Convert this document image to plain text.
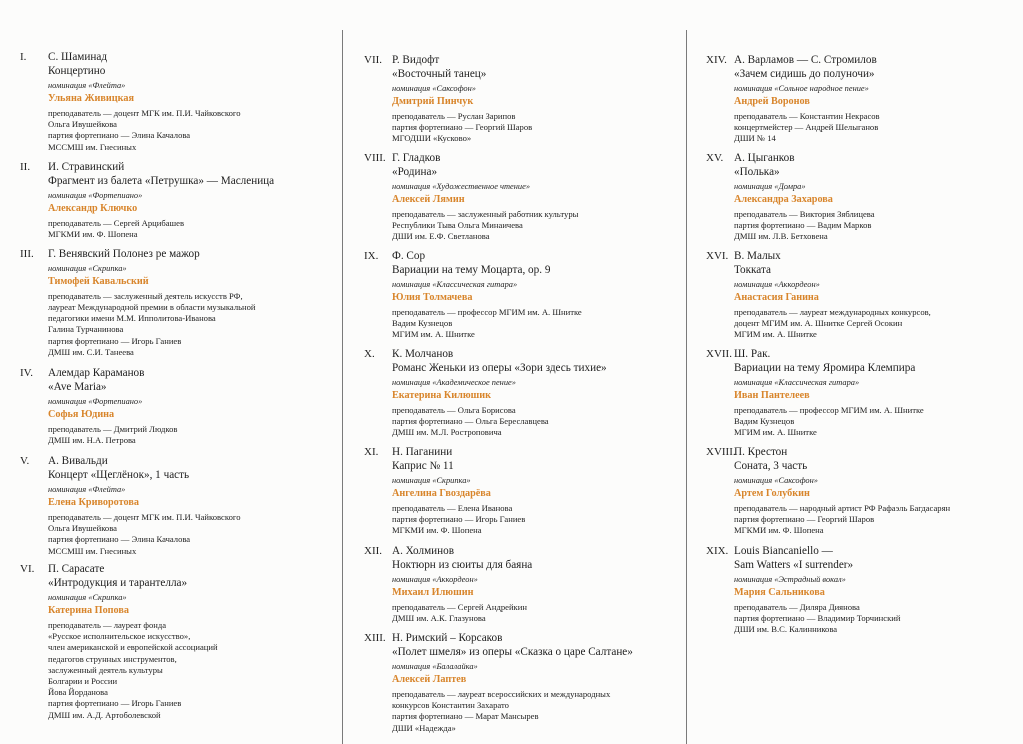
I. С. Шаминад
Концертино
номинация «Флейта»
Ульяна Живицкая
преподаватель — доцент МГК им. П.И. Чайковского
Ольга Ивушейкова
партия фортепиано — Элина Качалова
МССМШ им. Гнесиных
II. И. Стравинский
Фрагмент из балета «Петрушка» — Масленица
номинация «Фортепиано»
Александр Ключко
преподаватель — Сергей Арцибашев
МГКМИ им. Ф. Шопена
III. Г. Венявский Полонез ре мажор
номинация «Скрипка»
Тимофей Кавальский
преподаватель — заслуженный деятель искусств РФ,
лауреат Международной премии в области музыкальной
педагогики имени М.М. Ипполитова-Иванова
Галина Турчанинова
партия фортепиано — Игорь Ганиев
ДМШ им. С.И. Танеева
IV. Алемдар Караманов
«Ave Maria»
номинация «Фортепиано»
Софья Юдина
преподаватель — Дмитрий Людков
ДМШ им. Н.А. Петрова
V. А. Вивальди
Концерт «Щеглёнок», 1 часть
номинация «Флейта»
Елена Криворотова
преподаватель — доцент МГК им. П.И. Чайковского
Ольга Ивушейкова
партия фортепиано — Элина Качалова
МССМШ им. Гнесиных
VI. П. Сарасате
«Интродукция и тарантелла»
номинация «Скрипка»
Катерина Попова
преподаватель — лауреат фонда
«Русское исполнительское искусство»,
член американской и европейской ассоциаций
педагогов струнных инструментов,
заслуженный деятель культуры
Болгарии и России
Йова Йорданова
партия фортепиано — Игорь Ганиев
ДМШ им. А.Д. Артоболевской
VII. Р. Видофт
«Восточный танец»
номинация «Саксофон»
Дмитрий Пинчук
преподаватель — Руслан Зарипов
партия фортепиано — Георгий Шаров
МГОДШИ «Кусково»
VIII. Г. Гладков
«Родина»
номинация «Художественное чтение»
Алексей Лямин
преподаватель — заслуженный работник культуры
Республики Тыва Ольга Минаичева
ДШИ им. Е.Ф. Светланова
IX. Ф. Сор
Вариации на тему Моцарта, ор. 9
номинация «Классическая гитара»
Юлия Толмачева
преподаватель — профессор МГИМ им. А. Шнитке
Вадим Кузнецов
МГИМ им. А. Шнитке
X. К. Молчанов
Романс Женьки из оперы «Зори здесь тихие»
номинация «Академическое пение»
Екатерина Килюшик
преподаватель — Ольга Борисова
партия фортепиано — Ольга Береславцева
ДМШ им. М.Л. Ростроповича
XI. Н. Паганини
Каприс № 11
номинация «Скрипка»
Ангелина Гвоздарёва
преподаватель — Елена Иванова
партия фортепиано — Игорь Ганиев
МГКМИ им. Ф. Шопена
XII. А. Холминов
Ноктюрн из сюиты для баяна
номинация «Аккордеон»
Михаил Илюшин
преподаватель — Сергей Андрейкин
ДМШ им. А.К. Глазунова
XIII. Н. Римский – Корсаков
«Полет шмеля» из оперы «Сказка о царе Салтане»
номинация «Балалайка»
Алексей Лаптев
преподаватель — лауреат всероссийских и международных
конкурсов Константин Захарато
партия фортепиано — Марат Мансырев
ДШИ «Надежда»
XIV. А. Варламов — С. Стромилов
«Зачем сидишь до полуночи»
номинация «Сольное народное пение»
Андрей Воронов
преподаватель — Константин Некрасов
концертмейстер — Андрей Шелыганов
ДШИ № 14
XV. А. Цыганков
«Полька»
номинация «Домра»
Александра Захарова
преподаватель — Виктория Зяблицева
партия фортепиано — Вадим Марков
ДМШ им. Л.В. Бетховена
XVI. В. Малых
Токката
номинация «Аккордеон»
Анастасия Ганина
преподаватель — лауреат международных конкурсов,
доцент МГИМ им. А. Шнитке Сергей Осокин
МГИМ им. А. Шнитке
XVII. Ш. Рак.
Вариации на тему Яромира Клемпира
номинация «Классическая гитара»
Иван Пантелеев
преподаватель — профессор МГИМ им. А. Шнитке
Вадим Кузнецов
МГИМ им. А. Шнитке
XVIII.
П. Крестон
Соната, 3 часть
номинация «Саксофон»
Артем Голубкин
преподаватель — народный артист РФ Рафаэль Багдасарян
партия фортепиано — Георгий Шаров
МГКМИ им. Ф. Шопена
XIX. Louis Biancaniello —
Sam Watters «I surrender»
номинация «Эстрадный вокал»
Мария Сальникова
преподаватель — Диляра Диянова
партия фортепиано — Владимир Торчинский
ДШИ им. В.С. Калинникова
